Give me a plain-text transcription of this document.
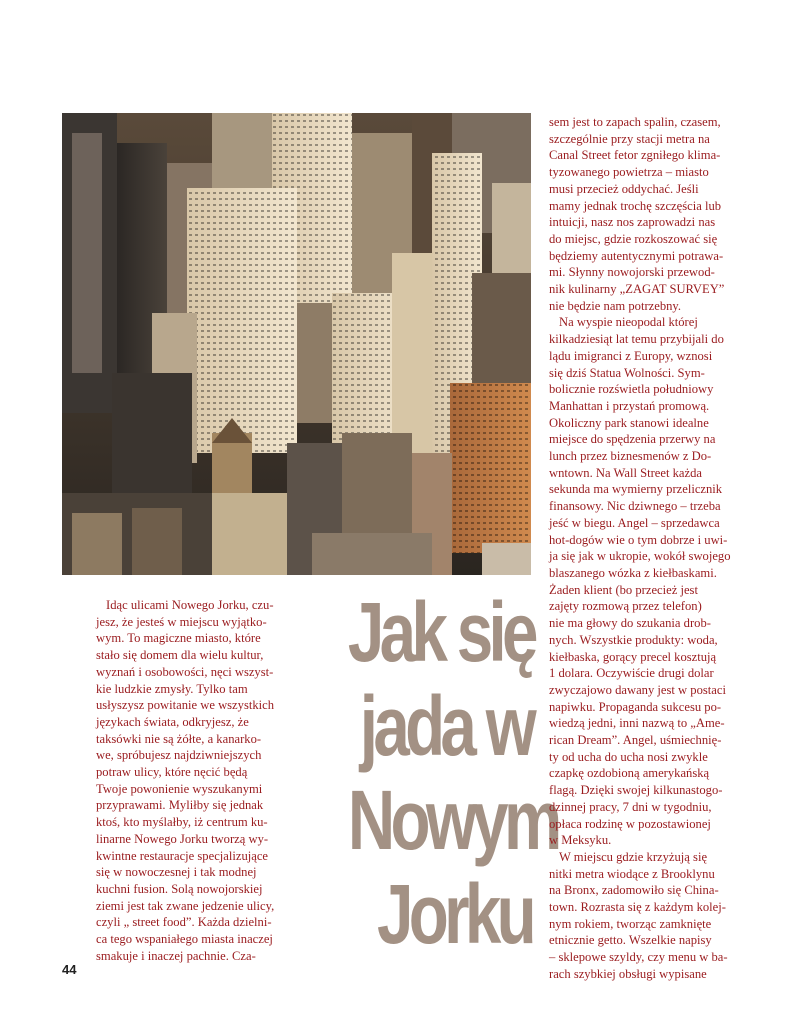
Idąc ulicami Nowego Jorku, czu-
jesz, że jesteś w miejscu wyjątko-
wym. To magiczne miasto, które
stało się domem dla wielu kultur,
wyznań i osobowości, nęci wszyst-
kie ludzkie zmysły. Tylko tam
usłyszysz powitanie we wszystkich
językach świata, odkryjesz, że
taksówki nie są żółte, a kanarko-
we, spróbujesz najdziwniejszych
potraw ulicy, które nęcić będą
Twoje powonienie wyszukanymi
przyprawami. Myliłby się jednak
ktoś, kto myślałby, iż centrum ku-
linarne Nowego Jorku tworzą wy-
kwintne restauracje specjalizujące
się w nowoczesnej i tak modnej
kuchni fusion. Solą nowojorskiej
ziemi jest tak zwane jedzenie ulicy,
czyli „ street food”. Każda dzielni-
ca tego wspaniałego miasta inaczej
smakuje i inaczej pachnie. Cza-
Jak się
jada w
Nowym
Jorku
sem jest to zapach spalin, czasem,
szczególnie przy stacji metra na
Canal Street fetor zgniłego klima-
tyzowanego powietrza – miasto
musi przecież oddychać. Jeśli
mamy jednak trochę szczęścia lub
intuicji, nasz nos zaprowadzi nas
do miejsc, gdzie rozkoszować się
będziemy autentycznymi potrawa-
mi. Słynny nowojorski przewod-
nik kulinarny „ZAGAT SURVEY”
nie będzie nam potrzebny.
Na wyspie nieopodal której
kilkadziesiąt lat temu przybijali do
lądu imigranci z Europy, wznosi
się dziś Statua Wolności. Sym-
bolicznie rozświetla południowy
Manhattan i przystań promową.
Okoliczny park stanowi idealne
miejsce do spędzenia przerwy na
lunch przez biznesmenów z Do-
wntown. Na Wall Street każda
sekunda ma wymierny przelicznik
finansowy. Nic dziwnego – trzeba
jeść w biegu. Angel – sprzedawca
hot-dogów wie o tym dobrze i uwi-
ja się jak w ukropie, wokół swojego
blaszanego wózka z kiełbaskami.
Żaden klient (bo przecież jest
zajęty rozmową przez telefon)
nie ma głowy do szukania drob-
nych. Wszystkie produkty: woda,
kiełbaska, gorący precel kosztują
1 dolara. Oczywiście drugi dolar
zwyczajowo dawany jest w postaci
napiwku. Propaganda sukcesu po-
wiedzą jedni, inni nazwą to „Ame-
rican Dream”. Angel, uśmiechnię-
ty od ucha do ucha nosi zwykle
czapkę ozdobioną amerykańską
flagą. Dzięki swojej kilkunastogo-
dzinnej pracy, 7 dni w tygodniu,
opłaca rodzinę w pozostawionej
w Meksyku.
W miejscu gdzie krzyżują się
nitki metra wiodące z Brooklynu
na Bronx, zadomowiło się China-
town. Rozrasta się z każdym kolej-
nym rokiem, tworząc zamknięte
etnicznie getto. Wszelkie napisy
– sklepowe szyldy, czy menu w ba-
rach szybkiej obsługi wypisane
44
